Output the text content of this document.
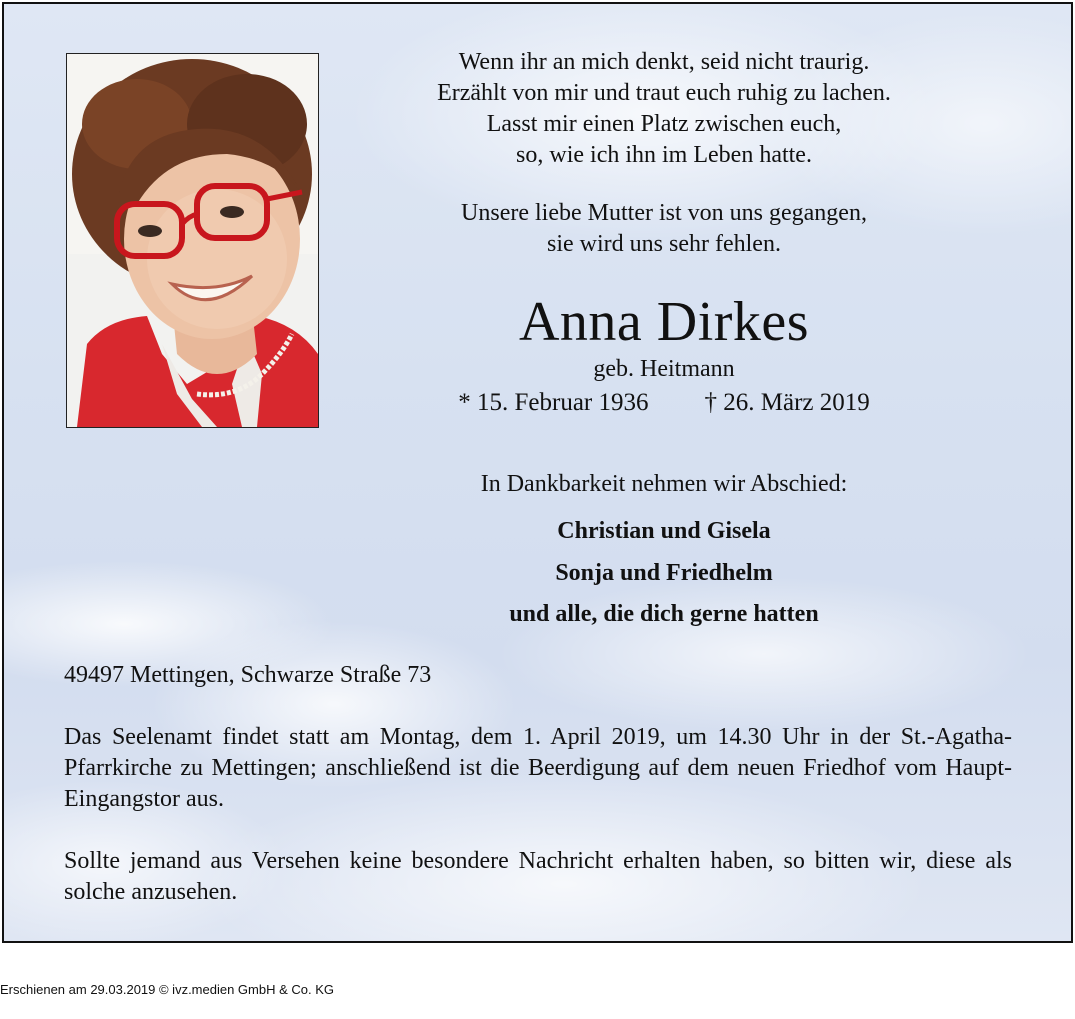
Wenn ihr an mich denkt, seid nicht traurig.
Erzählt von mir und traut euch ruhig zu lachen.
Lasst mir einen Platz zwischen euch,
so, wie ich ihn im Leben hatte.
Unsere liebe Mutter ist von uns gegangen,
sie wird uns sehr fehlen.
Anna Dirkes
geb. Heitmann
* 15. Februar 1936 † 26. März 2019
In Dankbarkeit nehmen wir Abschied:
Christian und Gisela
Sonja und Friedhelm
und alle, die dich gerne hatten
49497 Mettingen, Schwarze Straße 73
Das Seelenamt findet statt am Montag, dem 1. April 2019, um 14.30 Uhr in der St.-Agatha-Pfarrkirche zu Mettingen; anschließend ist die Beerdigung auf dem neuen Friedhof vom Haupt-Eingangstor aus.
Sollte jemand aus Versehen keine besondere Nachricht erhalten haben, so bitten wir, diese als solche anzusehen.
Erschienen am 29.03.2019 © ivz.medien GmbH & Co. KG
